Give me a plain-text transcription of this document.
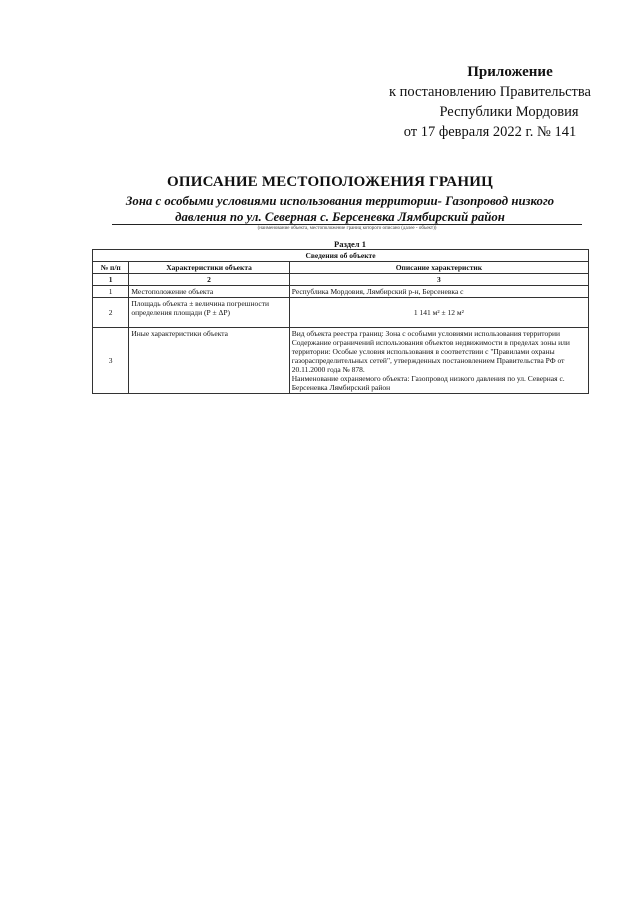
Приложение
к постановлению Правительства
Республики Мордовия
от 17 февраля 2022 г. № 141
ОПИСАНИЕ МЕСТОПОЛОЖЕНИЯ ГРАНИЦ
Зона с особыми условиями использования территории- Газопровод низкого
давления по ул. Северная с. Берсеневка Лямбирский район
(наименование объекта, местоположение границ которого описано (далее - объект))
Раздел 1
Сведения об объекте		
№ п/п	Характеристики объекта	Описание характеристик
1	2	3
1	Местоположение объекта	Республика Мордовия, Лямбирский р-н, Берсеневка с
2	Площадь объекта ± величина погрешности определения площади (Р ± ΔР)	1 141 м² ± 12 м²
3	Иные характеристики объекта	Вид объекта реестра границ: Зона с особыми условиями использования территории
Содержание ограничений использования объектов недвижимости в пределах зоны или территории: Особые условия использования в соответствии с "Правилами охраны газораспределительных сетей", утвержденных постановлением Правительства РФ от 20.11.2000 года № 878.
Наименование охраняемого объекта: Газопровод низкого давления по ул. Северная с. Берсеневка Лямбирский район
